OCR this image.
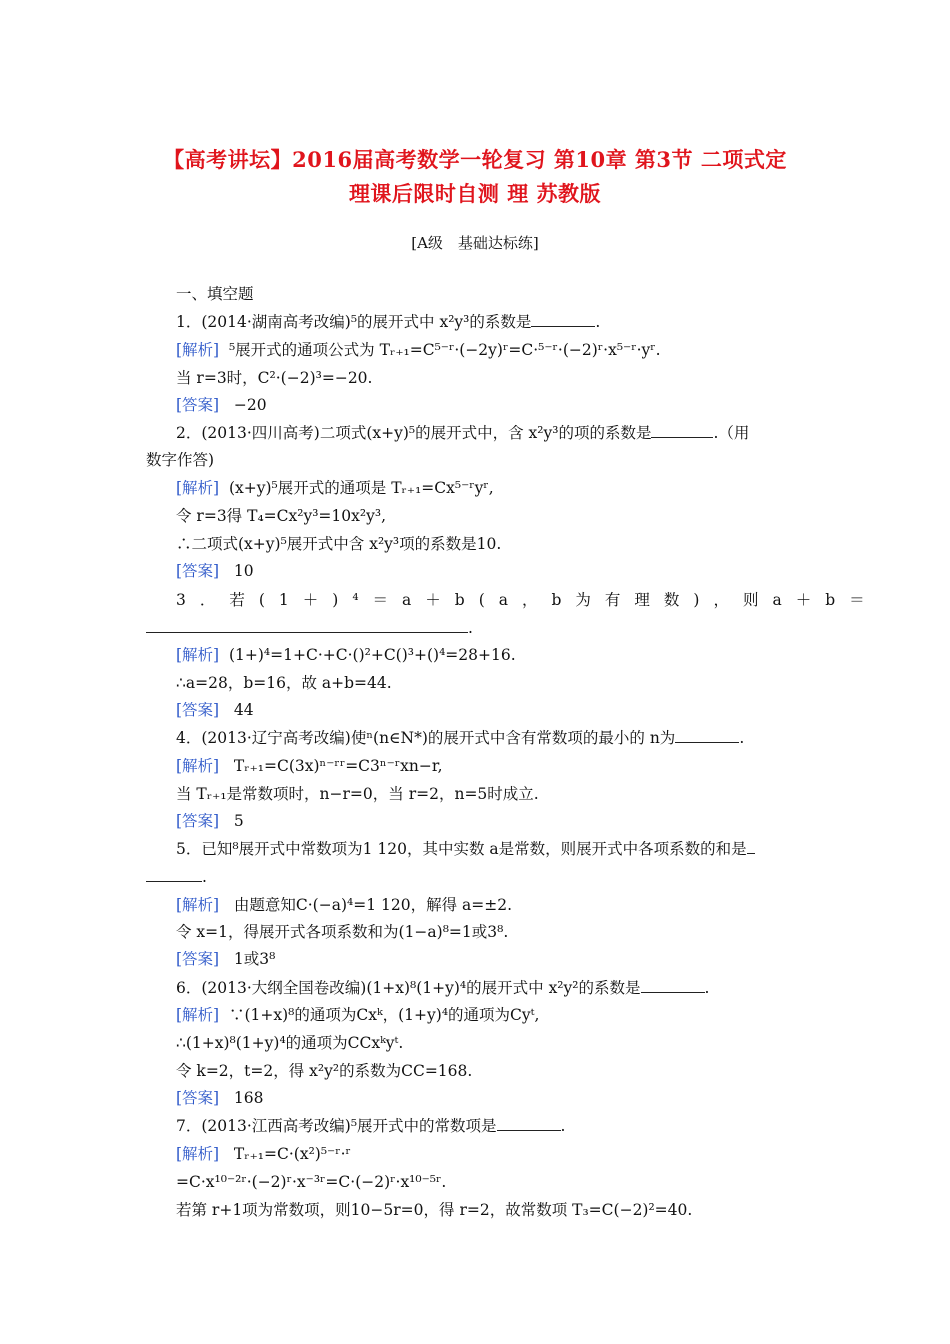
【高考讲坛】2016届高考数学一轮复习 第10章 第3节 二项式定
理课后限时自测 理 苏教版
[A级　基础达标练]
一、填空题
1．(2014·湖南高考改编)⁵的展开式中 x²y³的系数是	.
[解析] ⁵展开式的通项公式为 Tᵣ₊₁=C⁵⁻ʳ·(−2y)ʳ=C·⁵⁻ʳ·(−2)ʳ·x⁵⁻ʳ·yʳ.
当 r=3时，C²·(−2)³=−20.
[答案] −20
2．(2013·四川高考)二项式(x+y)⁵的展开式中，含 x²y³的项的系数是	.（用
数字作答)
[解析] (x+y)⁵展开式的通项是 Tᵣ₊₁=Cx⁵⁻ʳyʳ,
令 r=3得 T₄=Cx²y³=10x²y³,
∴二项式(x+y)⁵展开式中含 x²y³项的系数是10.
[答案] 10
3．若(1＋)⁴＝a＋b(a，b为有理数)，则a＋b＝
.
[解析] (1+)⁴=1+C·+C·()²+C()³+()⁴=28+16.
∴a=28，b=16，故 a+b=44.
[答案] 44
4．(2013·辽宁高考改编)使ⁿ(n∈N*)的展开式中含有常数项的最小的 n为	.
[解析] Tᵣ₊₁=C(3x)ⁿ⁻ʳʳ=C3ⁿ⁻ʳxn−r,
当 Tᵣ₊₁是常数项时，n−r=0，当 r=2，n=5时成立.
[答案] 5
5．已知⁸展开式中常数项为1 120，其中实数 a是常数，则展开式中各项系数的和是
.
[解析] 由题意知C·(−a)⁴=1 120，解得 a=±2.
令 x=1，得展开式各项系数和为(1−a)⁸=1或3⁸.
[答案] 1或3⁸
6．(2013·大纲全国卷改编)(1+x)⁸(1+y)⁴的展开式中 x²y²的系数是	.
[解析] ∵(1+x)⁸的通项为Cxᵏ，(1+y)⁴的通项为Cyᵗ,
∴(1+x)⁸(1+y)⁴的通项为CCxᵏyᵗ.
令 k=2，t=2，得 x²y²的系数为CC=168.
[答案] 168
7．(2013·江西高考改编)⁵展开式中的常数项是	.
[解析] Tᵣ₊₁=C·(x²)⁵⁻ʳ·ʳ
=C·x¹⁰⁻²ʳ·(−2)ʳ·x⁻³ʳ=C·(−2)ʳ·x¹⁰⁻⁵ʳ.
若第 r+1项为常数项，则10−5r=0，得 r=2，故常数项 T₃=C(−2)²=40.
